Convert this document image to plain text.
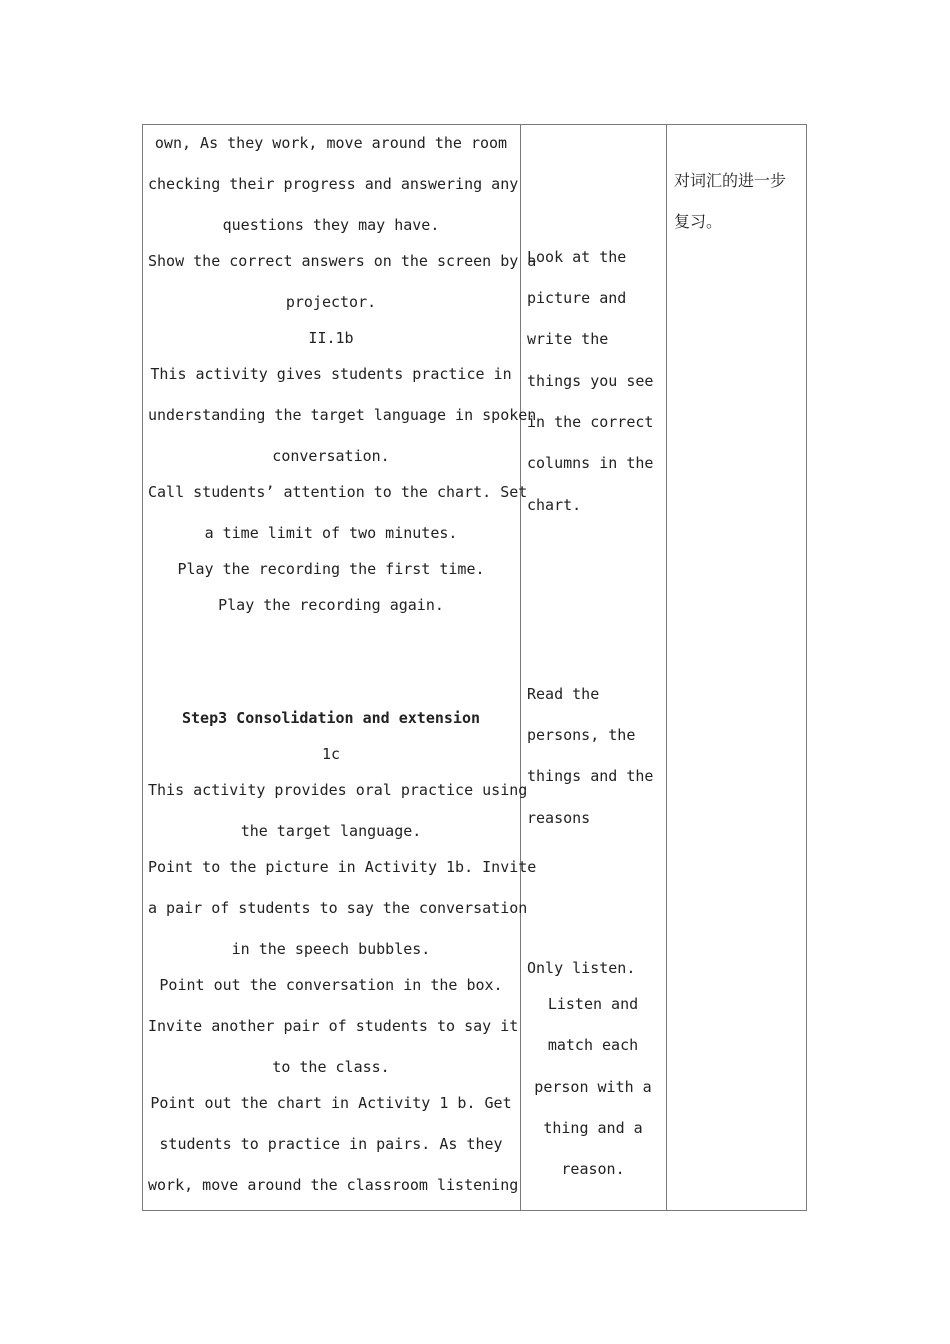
own, As they work, move around the room
checking their progress and answering any
questions they may have.
Show the correct answers on the screen by a
projector.
II.1b
This activity gives students practice in
understanding the target language in spoken
conversation.
Call students’ attention to the chart. Set
a time limit of two minutes.
Play the recording the first time.
Play the recording again.
Step3 Consolidation and extension
1c
This activity provides oral practice using
the target language.
Point to the picture in Activity 1b. Invite
a pair of students to say the conversation
in the speech bubbles.
Point out the conversation in the box.
Invite another pair of students to say it
to the class.
Point out the chart in Activity 1 b. Get
students to practice in pairs. As they
work, move around the classroom listening
Look at the
picture and
write the
things you see
in the correct
columns in the
chart.
Read the
persons, the
things and the
reasons
Only listen.
Listen and
match each
person with a
thing and a
reason.
对词汇的进一步
复习。
